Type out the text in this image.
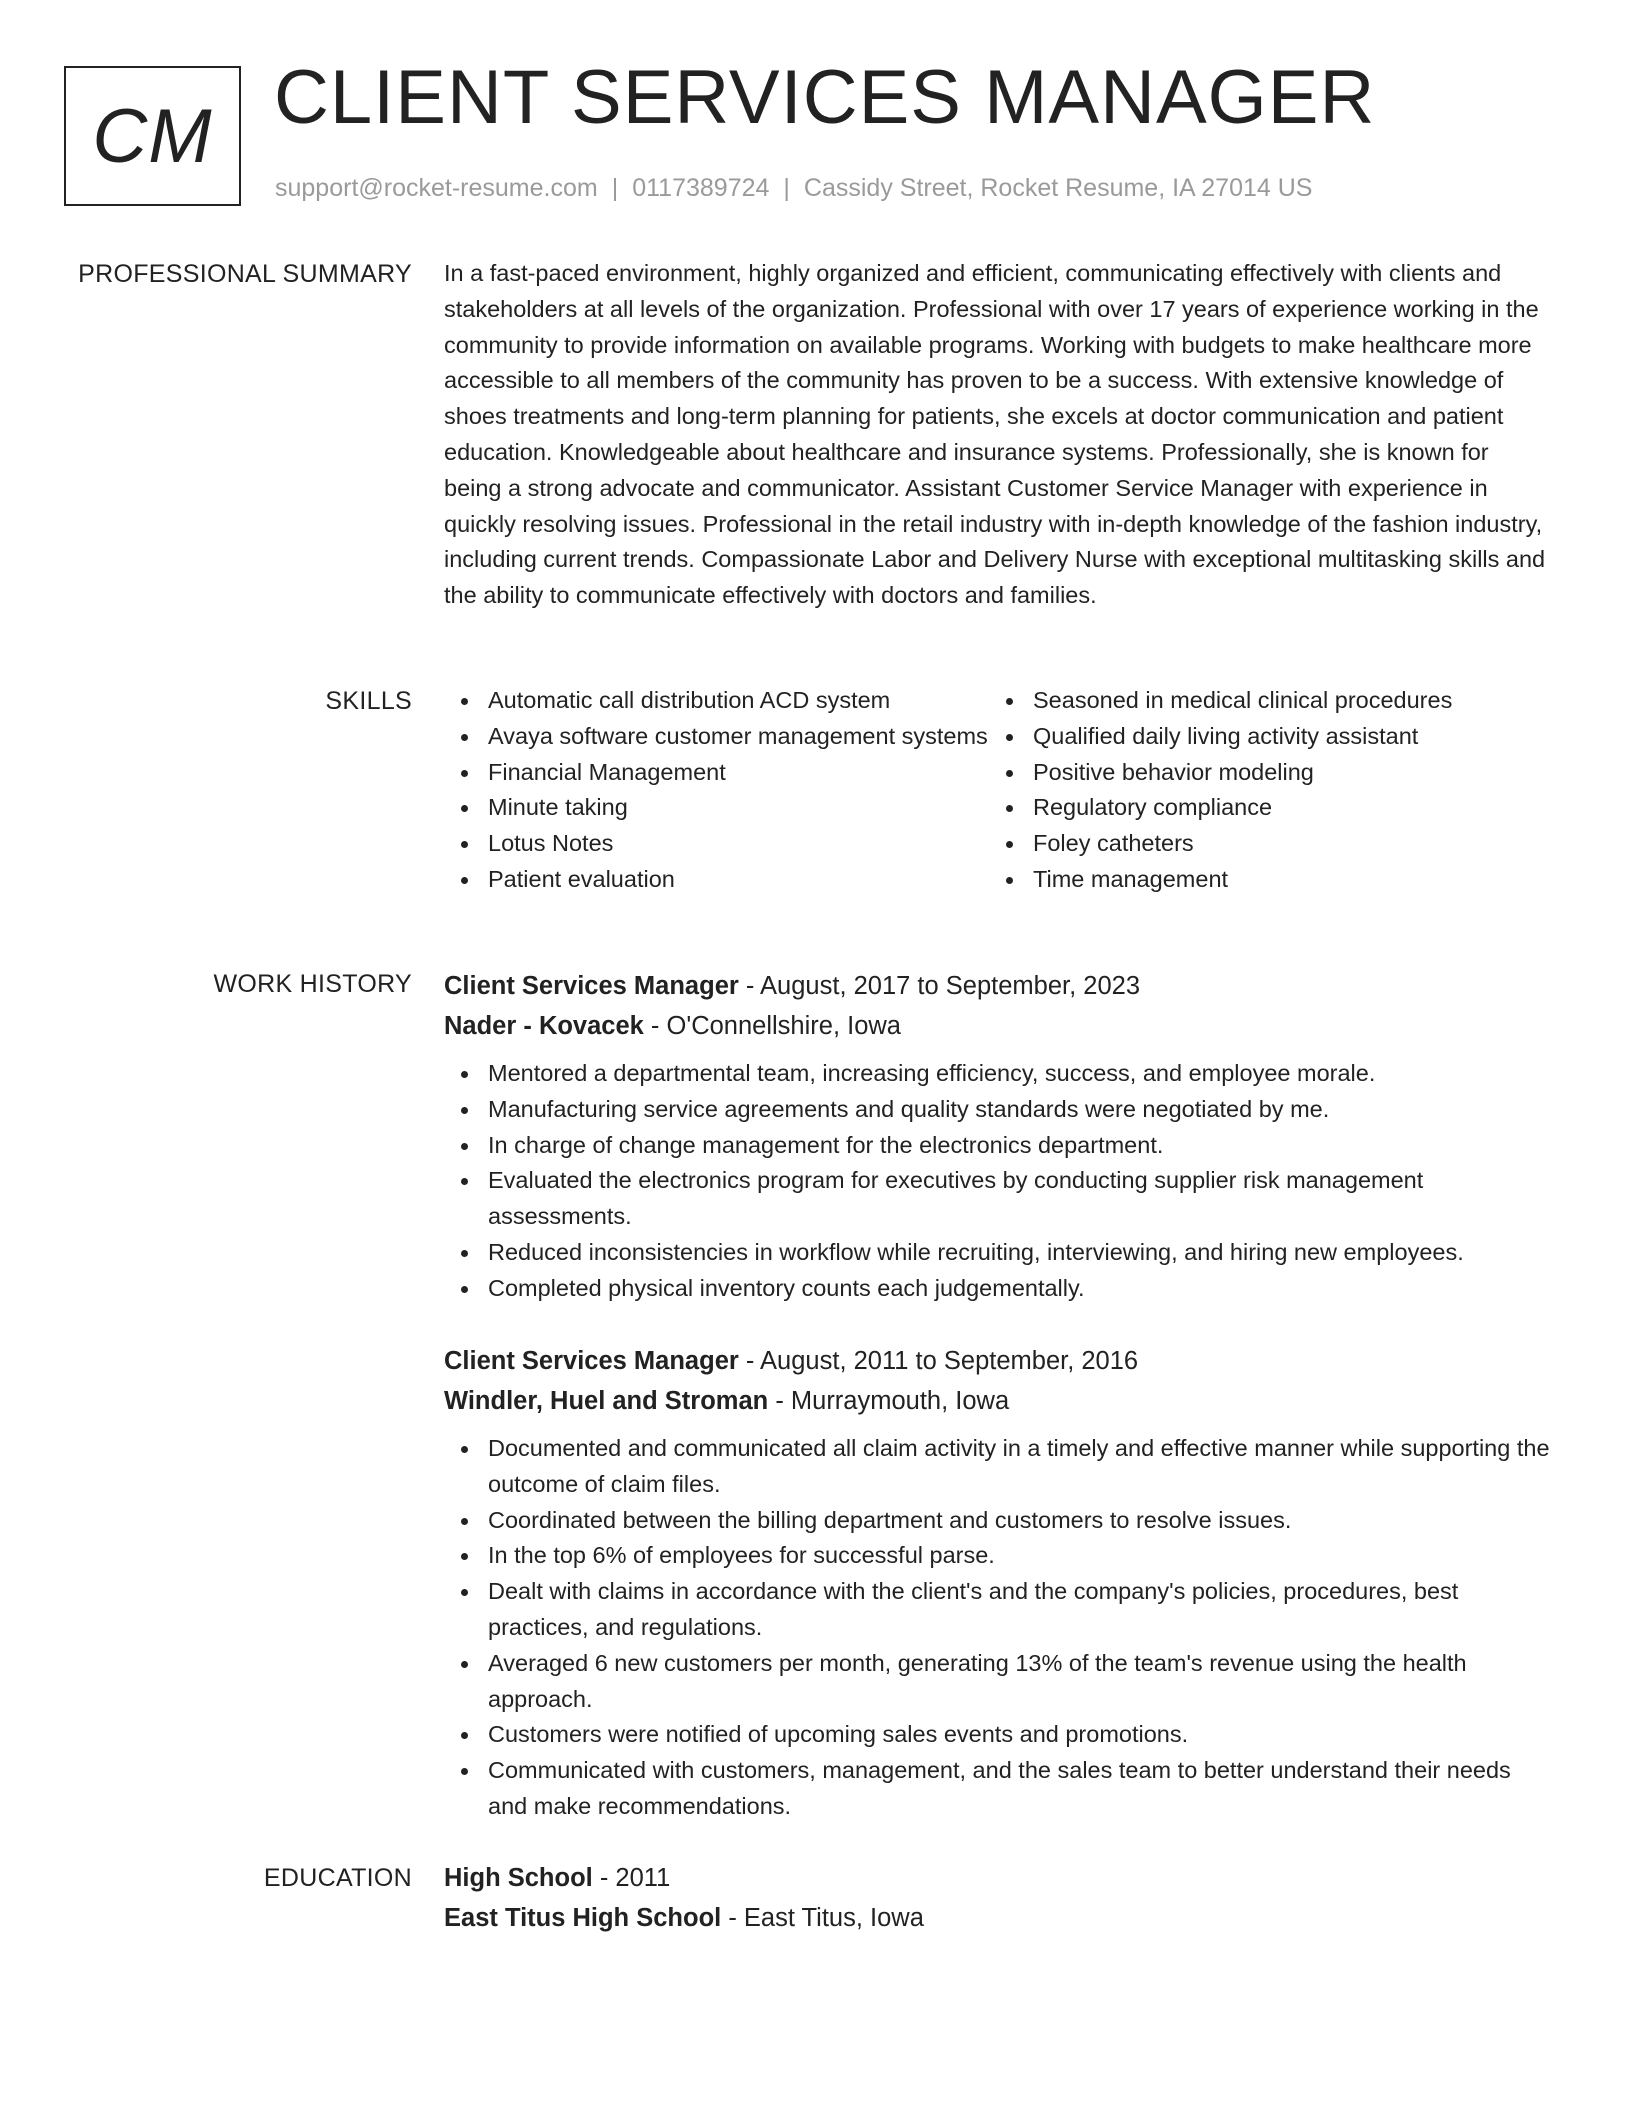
CM CLIENT SERVICES MANAGER
support@rocket-resume.com | 0117389724 | Cassidy Street, Rocket Resume, IA 27014 US
PROFESSIONAL SUMMARY In a fast-paced environment, highly organized and efficient, communicating effectively with clients and stakeholders at all levels of the organization. Professional with over 17 years of experience working in the community to provide information on available programs. Working with budgets to make healthcare more accessible to all members of the community has proven to be a success. With extensive knowledge of shoes treatments and long-term planning for patients, she excels at doctor communication and patient education. Knowledgeable about healthcare and insurance systems. Professionally, she is known for being a strong advocate and communicator. Assistant Customer Service Manager with experience in quickly resolving issues. Professional in the retail industry with in-depth knowledge of the fashion industry, including current trends. Compassionate Labor and Delivery Nurse with exceptional multitasking skills and the ability to communicate effectively with doctors and families.

SKILLS	Automatic call distribution ACD system
Avaya software customer management systems
Financial Management
Minute taking
Lotus Notes
Patient evaluation
Seasoned in medical clinical procedures
Qualified daily living activity assistant
Positive behavior modeling
Regulatory compliance
Foley catheters
Time management
WORK HISTORY Client Services Manager - August, 2017 to September, 2023
Nader - Kovacek - O'Connellshire, Iowa
Mentored a departmental team, increasing efficiency, success, and employee morale.
Manufacturing service agreements and quality standards were negotiated by me.
In charge of change management for the electronics department.
Evaluated the electronics program for executives by conducting supplier risk management assessments.
Reduced inconsistencies in workflow while recruiting, interviewing, and hiring new employees.
Completed physical inventory counts each judgementally.
Client Services Manager - August, 2011 to September, 2016
Windler, Huel and Stroman - Murraymouth, Iowa
Documented and communicated all claim activity in a timely and effective manner while supporting the outcome of claim files.
Coordinated between the billing department and customers to resolve issues.
In the top 6% of employees for successful parse.
Dealt with claims in accordance with the client's and the company's policies, procedures, best practices, and regulations.
Averaged 6 new customers per month, generating 13% of the team's revenue using the health approach.
Customers were notified of upcoming sales events and promotions.
Communicated with customers, management, and the sales team to better understand their needs and make recommendations.
EDUCATION High School - 2011
East Titus High School - East Titus, Iowa
